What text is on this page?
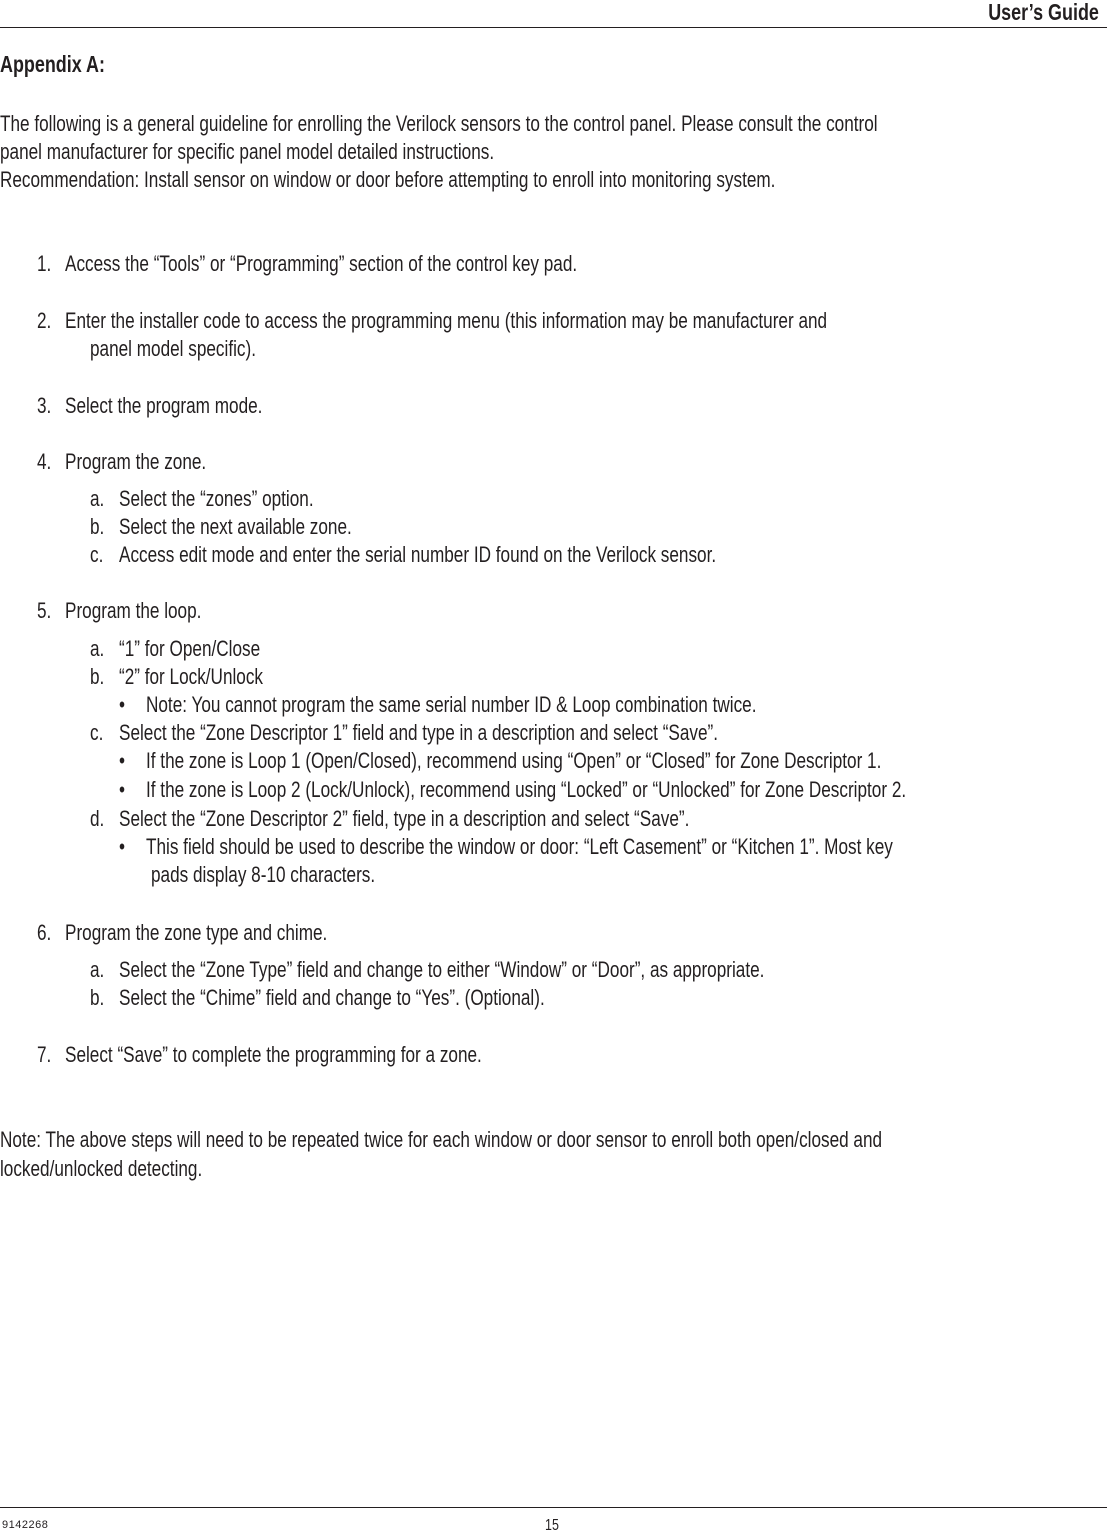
User’s Guide
Appendix A:
The following is a general guideline for enrolling the Verilock sensors to the control panel. Please consult the control
panel manufacturer for specific panel model detailed instructions.
Recommendation: Install sensor on window or door before attempting to enroll into monitoring system.
1. Access the “Tools” or “Programming” section of the control key pad.
2. Enter the installer code to access the programming menu (this information may be manufacturer and
panel model specific).
3. Select the program mode.
4. Program the zone.
a. Select the “zones” option.
b. Select the next available zone.
c. Access edit mode and enter the serial number ID found on the Verilock sensor.
5. Program the loop.
a. “1” for Open/Close
b. “2” for Lock/Unlock
• Note: You cannot program the same serial number ID & Loop combination twice.
c. Select the “Zone Descriptor 1” field and type in a description and select “Save”.
• If the zone is Loop 1 (Open/Closed), recommend using “Open” or “Closed” for Zone Descriptor 1.
• If the zone is Loop 2 (Lock/Unlock), recommend using “Locked” or “Unlocked” for Zone Descriptor 2.
d. Select the “Zone Descriptor 2” field, type in a description and select “Save”.
• This field should be used to describe the window or door: “Left Casement” or “Kitchen 1”. Most key
pads display 8-10 characters.
6. Program the zone type and chime.
a. Select the “Zone Type” field and change to either “Window” or “Door”, as appropriate.
b. Select the “Chime” field and change to “Yes”. (Optional).
7. Select “Save” to complete the programming for a zone.
Note: The above steps will need to be repeated twice for each window or door sensor to enroll both open/closed and
locked/unlocked detecting.
9142268	15
